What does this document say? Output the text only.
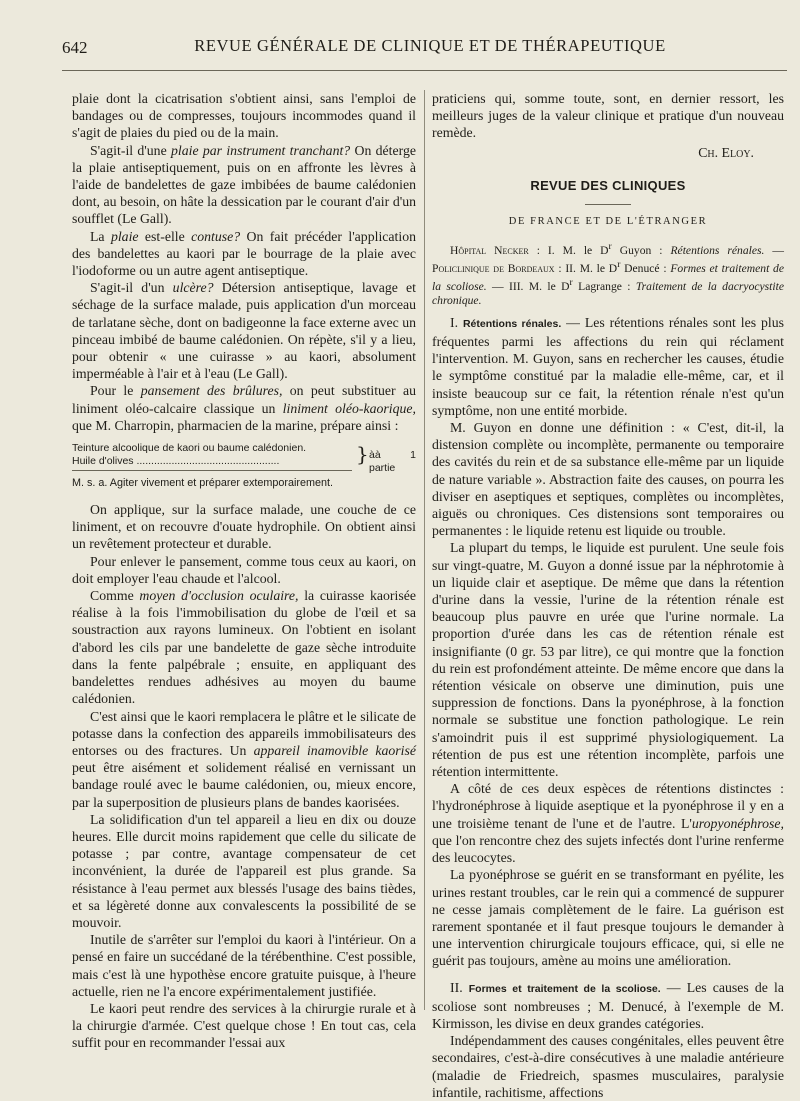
642	REVUE GÉNÉRALE DE CLINIQUE ET DE THÉRAPEUTIQUE

plaie dont la cicatrisation s'obtient ainsi, sans l'emploi de bandages ou de compresses, toujours incommodes quand il s'agit de plaies du pied ou de la main.

S'agit-il d'une plaie par instrument tranchant? On déterge la plaie antiseptiquement, puis on en affronte les lèvres à l'aide de bandelettes de gaze imbibées de baume calédonien dont, au besoin, on hâte la dessication par le courant d'air d'un soufflet (Le Gall).

La plaie est-elle contuse? On fait précéder l'application des bandelettes au kaori par le bourrage de la plaie avec l'iodoforme ou un autre agent antiseptique.

S'agit-il d'un ulcère? Détersion antiseptique, lavage et séchage de la surface malade, puis application d'un morceau de tarlatane sèche, dont on badigeonne la face externe avec un pinceau imbibé de baume calédonien. On répète, s'il y a lieu, pour obtenir « une cuirasse » au kaori, absolument imperméable à l'air et à l'eau (Le Gall).

Pour le pansement des brûlures, on peut substituer au liniment oléo-calcaire classique un liniment oléo-kaorique, que M. Charropin, pharmacien de la marine, prépare ainsi :

Teinture alcoolique de kaori ou baume calédonien.
Huile d'olives .................................................	} àà 1 partie

M. s. a. Agiter vivement et préparer extemporairement.

On applique, sur la surface malade, une couche de ce liniment, et on recouvre d'ouate hydrophile. On obtient ainsi un revêtement protecteur et durable.

Pour enlever le pansement, comme tous ceux au kaori, on doit employer l'eau chaude et l'alcool.

Comme moyen d'occlusion oculaire, la cuirasse kaorisée réalise à la fois l'immobilisation du globe de l'œil et sa soustraction aux rayons lumineux. On l'obtient en isolant d'abord les cils par une bandelette de gaze sèche introduite dans la fente palpébrale ; ensuite, en appliquant des bandelettes rendues adhésives au moyen du baume calédonien.

C'est ainsi que le kaori remplacera le plâtre et le silicate de potasse dans la confection des appareils immobilisateurs des entorses ou des fractures. Un appareil inamovible kaorisé peut être aisément et solidement réalisé en vernissant un bandage roulé avec le baume calédonien, ou, mieux encore, par la superposition de plusieurs plans de bandes kaorisées.

La solidification d'un tel appareil a lieu en dix ou douze heures. Elle durcit moins rapidement que celle du silicate de potasse ; par contre, avantage compensateur de cet inconvénient, la durée de l'appareil est plus grande. Sa résistance à l'eau permet aux blessés l'usage des bains tièdes, et sa légèreté donne aux convalescents la possibilité de se mouvoir.

Inutile de s'arrêter sur l'emploi du kaori à l'intérieur. On a pensé en faire un succédané de la térébenthine. C'est possible, mais c'est là une hypothèse encore gratuite puisque, à l'heure actuelle, rien ne l'a encore expérimentalement justifiée.

Le kaori peut rendre des services à la chirurgie rurale et à la chirurgie d'armée. C'est quelque chose ! En tout cas, cela suffit pour en recommander l'essai aux

praticiens qui, somme toute, sont, en dernier ressort, les meilleurs juges de la valeur clinique et pratique d'un nouveau remède.

Ch. Eloy.

REVUE DES CLINIQUES
DE FRANCE ET DE L'ÉTRANGER

Hôpital Necker : I. M. le $D^r$ Guyon : Rétentions rénales. — Policlinique de Bordeaux : II. M. le $D^r$ Denucé : Formes et traitement de la scoliose. — III. M. le $D^r$ Lagrange : Traitement de la dacryocystite chronique.

I. Rétentions rénales. — Les rétentions rénales sont les plus fréquentes parmi les affections du rein qui réclament l'intervention. M. Guyon, sans en rechercher les causes, étudie le symptôme constitué par la maladie elle-même, car, et il insiste beaucoup sur ce fait, la rétention rénale n'est qu'un symptôme, non une entité morbide.

M. Guyon en donne une définition : « C'est, dit-il, la distension complète ou incomplète, permanente ou temporaire des cavités du rein et de sa substance elle-même par un liquide de nature variable ». Abstraction faite des causes, on pourra les diviser en aseptiques et septiques, complètes ou incomplètes, aiguës ou chroniques. Ces distensions sont temporaires ou permanentes : le liquide retenu est liquide ou trouble.

La plupart du temps, le liquide est purulent. Une seule fois sur vingt-quatre, M. Guyon a donné issue par la néphrotomie à un liquide clair et aseptique. De même que dans la rétention d'urine dans la vessie, l'urine de la rétention rénale est beaucoup plus pauvre en urée que l'urine normale. La proportion d'urée dans les cas de rétention rénale est insignifiante (0 gr. 53 par litre), ce qui montre que la fonction du rein est profondément atteinte. De même encore que dans la rétention vésicale on observe une diminution, puis une suppression de fonctions. Dans la pyonéphrose, à la fonction normale se substitue une fonction pathologique. Le rein s'amoindrit puis il est supprimé physiologiquement. La rétention de pus est une rétention incomplète, parfois une rétention intermittente.

A côté de ces deux espèces de rétentions distinctes : l'hydronéphrose à liquide aseptique et la pyonéphrose il y en a une troisième tenant de l'une et de l'autre. L'uropyonéphrose, que l'on rencontre chez des sujets infectés dont l'urine renferme des leucocytes.

La pyonéphrose se guérit en se transformant en pyélite, les urines restant troubles, car le rein qui a commencé de suppurer ne cesse jamais complètement de le faire. La guérison est rarement spontanée et il faut presque toujours le demander à une intervention chirurgicale toujours efficace, qui, si elle ne guérit pas toujours, amène au moins une amélioration.

II. Formes et traitement de la scoliose. — Les causes de la scoliose sont nombreuses ; M. Denucé, à l'exemple de M. Kirmisson, les divise en deux grandes catégories.

Indépendamment des causes congénitales, elles peuvent être secondaires, c'est-à-dire consécutives à une maladie antérieure (maladie de Friedreich, spasmes musculaires, paralysie infantile, rachitisme, affections
